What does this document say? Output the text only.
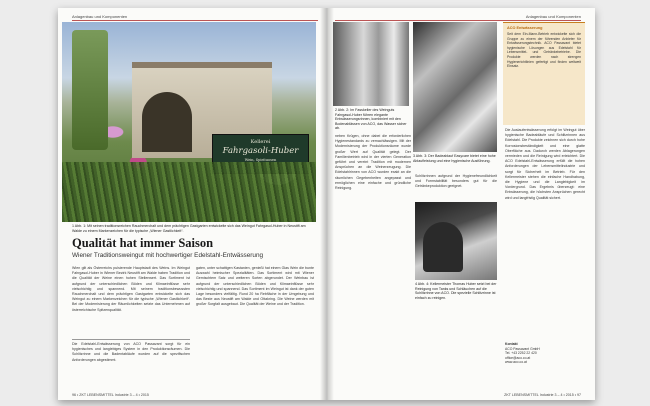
Anlagenbau und Komponenten
Kellerei
Fahrgasoli-Huber
Wein, Spirituosen
1 Abb. 1: Mit seinen traditionsreichen Rauchmerchalt und dem prächtigen Gastgarten entwickelte sich das Weingut Fahrgasol-Huber in Neustift am Walde zu einem Markenzeichen für die typische „Wiener Gastlichkeit“.
Qualität hat immer Saison
Wiener Traditionsweingut mit hochwertiger Edelstahl-Entwässerung
Wien gilt als Österreichs pulsierende Hauptstadt des Weins. Im Weingut Fahrgasol-Huber in Wiener Bezirk Neustift am Walde haben Tradition und die Qualität der Weine einen hohen Stellenwert. Das Sortiment ist aufgrund der unterschiedlichen Böden und Klimaeinflüsse sehr vielschichtig und spannend. Mit seinem traditionsbewussten Rauchmerchalt und dem prächtigen Gastgarten entwickelte sich das Weingut zu einem Markenzeichen für die typische „Wiener Gastlichkeit“. Bei der Modernisierung der Räumlichkeiten setzte das Unternehmen auf österreichische Spitzenqualität.
gaten, unter schattigen Kastanien, genießt hat einem Glas Wein die bunte Auswahl heimischer Spezialitäten. Das Sortiment wird mit Wiener Gemischtem Satz und weiteren Sorten abgerundet. Der Weinbau ist aufgrund der unterschiedlichen Böden und Klimaeinflüsse sehr vielschichtig und spannend. Das Sortiment im Weingut ist dank der guten Lage besonders vielfältig. Rund 20 ha Rebfläche in der Umgebung und das Beste aus Neustift am Walde und Ottakring. Die Weine werden mit großer Sorgfalt ausgebaut. Die Qualität der Weine und der Tradition.
Die Edelstahl-Entwässerung von ACO Passavant sorgt für ein hygienisches und langlebiges System in den Produktionsräumen. Die Schlitzrinne und die Badentabläufe wurden auf die spezifischen Anforderungen abgestimmt.
96 • ZKT LEBENSMITTEL Industrie 3 – 4 • 2015
Anlagenbau und Komponenten
2 Abb. 2: Im Fasskeller des Weinguts Fahrgasol-Huber führen elegante Entwässerungsrinnen, kombiniert mit den Bodenablässen von ACO, das Wasser sicher ab.
neben Krügen, ohne dabei die erforderlichen Hygienestandards zu vernachlässigen. Mit der Modernisierung der Produktionsräume wurde großer Wert auf Qualität gelegt. Der Familienbetrieb wird in der vierten Generation geführt und vereint Tradition mit modernen Ansprüchen an die Weinerzeugung. Die Edelstahlrinnen von ACO wurden exakt an die räumlichen Gegebenheiten angepasst und ermöglichen eine einfache und gründliche Reinigung.
3 Abb. 3: Der Badeablauf Easycare bietet eine hohe Ablaufleistung und eine hygienische Ausführung.
Schlitzrinnen aufgrund der Hygienefreundlichkeit und Formstabilität besonders gut für die Getränkeproduktion geeignet.
4 Abb. 4: Kellermeister Thomas Huber setzt bei der Reinigung von Tanks und Schläuchen auf die Schlitzrinne von ACO. Die spezielle Schlitzrinne ist einfach zu reinigen.
ACO Entwässerung
Seit dem Ein-Mann-Betrieb entwickelte sich die Gruppe zu einem der führenden Anbieter für Entwässerungstechnik. ACO Passavant bietet hygienische Lösungen aus Edelstahl für Lebensmittel- und Getränkebetriebe. Die Produkte werden nach strengen Hygienerichtlinien gefertigt und finden weltweit Einsatz.
Die Auslaufentwässerung erfolgt im Weingut über hygienische Badeabläufe und Schlitzrinnen aus Edelstahl. Die Produkte zeichnen sich durch hohe Korrosionsbeständigkeit und eine glatte Oberfläche aus. Dadurch werden Ablagerungen vermieden und die Reinigung wird erleichtert. Die ACO Edelstahl-Entwässerung erfüllt die hohen Anforderungen der Lebensmittelindustrie und sorgt für Sicherheit im Betrieb. Für den Kellermeister stehen die einfache Handhabung, die Hygiene und die Langlebigkeit im Vordergrund. Das Ergebnis überzeugt: eine Entwässerung, die höchsten Ansprüchen gerecht wird und langfristig Qualität sichert.
Kontakt
ACO Passavant GmbH
Tel. +43 2252 22 420
office@aco.co.at
www.aco.co.at
ZKT LEBENSMITTEL Industrie 3 – 4 • 2015 • 97
